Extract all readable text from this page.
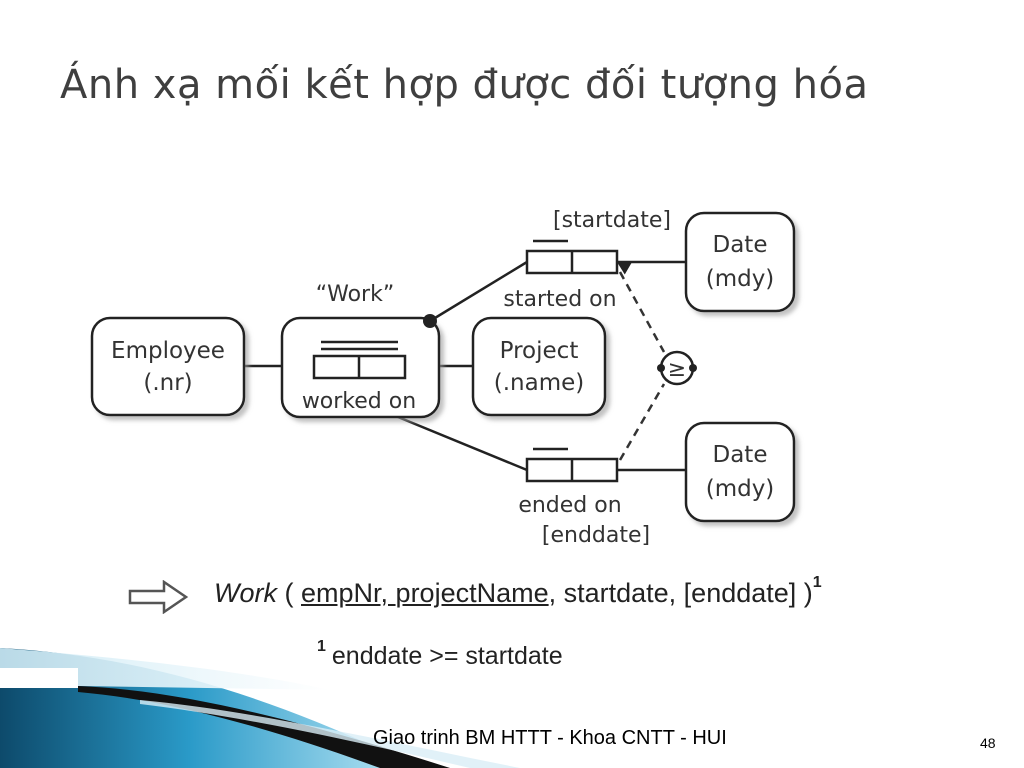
Ánh xạ mối kết hợp được đối tượng hóa
Employee
(.nr)
“Work”
worked on
Project
(.name)
[startdate]
started on
Date
(mdy)
≥
ended on
[enddate]
Date
(mdy)
Work ( empNr, projectName, startdate, [enddate] )$^1$
$^1$ enddate >= startdate
Giao trinh BM HTTT - Khoa CNTT - HUI	48
